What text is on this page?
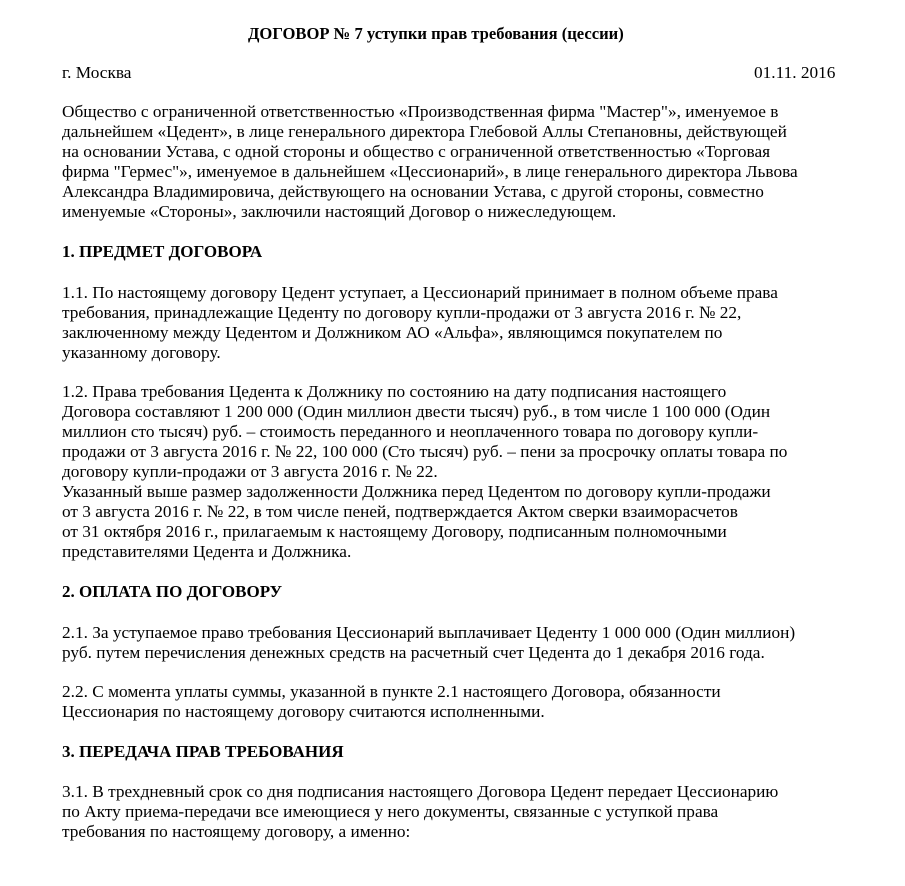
ДОГОВОР № 7 уступки прав требования (цессии)
г. Москва	01.11. 2016
Общество с ограниченной ответственностью «Производственная фирма "Мастер"», именуемое в
дальнейшем «Цедент», в лице генерального директора Глебовой Аллы Степановны, действующей
на основании Устава, с одной стороны и общество с ограниченной ответственностью «Торговая
фирма "Гермес"», именуемое в дальнейшем «Цессионарий», в лице генерального директора Львова
Александра Владимировича, действующего на основании Устава, с другой стороны, совместно
именуемые «Стороны», заключили настоящий Договор о нижеследующем.
1. ПРЕДМЕТ ДОГОВОРА
1.1. По настоящему договору Цедент уступает, а Цессионарий принимает в полном объеме права
требования, принадлежащие Цеденту по договору купли-продажи от 3 августа 2016 г. № 22,
заключенному между Цедентом и Должником АО «Альфа», являющимся покупателем по
указанному договору.
1.2. Права требования Цедента к Должнику по состоянию на дату подписания настоящего
Договора составляют 1 200 000 (Один миллион двести тысяч) руб., в том числе 1 100 000 (Один
миллион сто тысяч) руб. – стоимость переданного и неоплаченного товара по договору купли-
продажи от 3 августа 2016 г. № 22, 100 000 (Сто тысяч) руб. – пени за просрочку оплаты товара по
договору купли-продажи от 3 августа 2016 г. № 22.
Указанный выше размер задолженности Должника перед Цедентом по договору купли-продажи
от 3 августа 2016 г. № 22, в том числе пеней, подтверждается Актом сверки взаиморасчетов
от 31 октября 2016 г., прилагаемым к настоящему Договору, подписанным полномочными
представителями Цедента и Должника.
2. ОПЛАТА ПО ДОГОВОРУ
2.1. За уступаемое право требования Цессионарий выплачивает Цеденту 1 000 000 (Один миллион)
руб. путем перечисления денежных средств на расчетный счет Цедента до 1 декабря 2016 года.
2.2. С момента уплаты суммы, указанной в пункте 2.1 настоящего Договора, обязанности
Цессионария по настоящему договору считаются исполненными.
3. ПЕРЕДАЧА ПРАВ ТРЕБОВАНИЯ
3.1. В трехдневный срок со дня подписания настоящего Договора Цедент передает Цессионарию
по Акту приема-передачи все имеющиеся у него документы, связанные с уступкой права
требования по настоящему договору, а именно:
